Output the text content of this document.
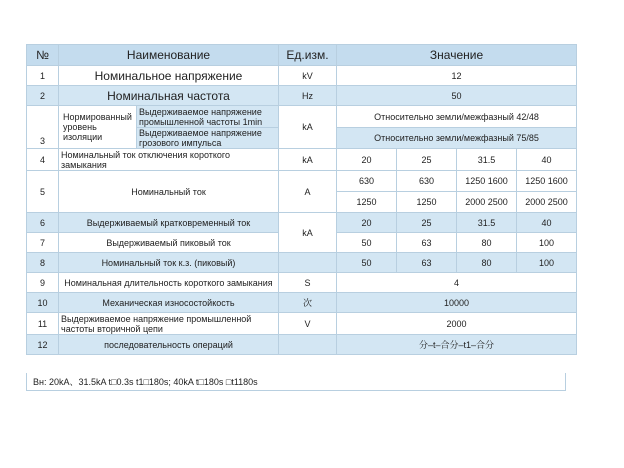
№	Наименование		Ед.изм.	Значение			
1	Номинальное напряжение		kV	12			
2	Номинальная частота		Hz	50			
3	Нормированный уровень изоляции	Выдерживаемое напряжение промышленной частоты 1min	kA	Относительно земли/межфазный 42/48			
		Выдерживаемое напряжение грозового импульса		Относительно земли/межфазный 75/85			
4	Номинальный ток отключения короткого замыкания		kA	20	25	31.5	40
5	Номинальный ток		A	630	630	1250 1600	1250 1600
				1250	1250	2000 2500	2000 2500
6	Выдерживаемый кратковременный ток		kA	20	25	31.5	40
7	Выдерживаемый пиковый ток			50	63	80	100
8	Номинальный ток к.з. (пиковый)			50	63	80	100
9	Номинальная длительность короткого замыкания		S	4			
10	Механическая износостойкость		次	10000			
11	Выдерживаемое напряжение промышленной частоты вторичной цепи		V	2000			
12	последовательность операций			分–t–合分–t1–合分			
Вн: 20kA、31.5kA t□0.3s t1□180s; 40kA t□180s □t1180s
